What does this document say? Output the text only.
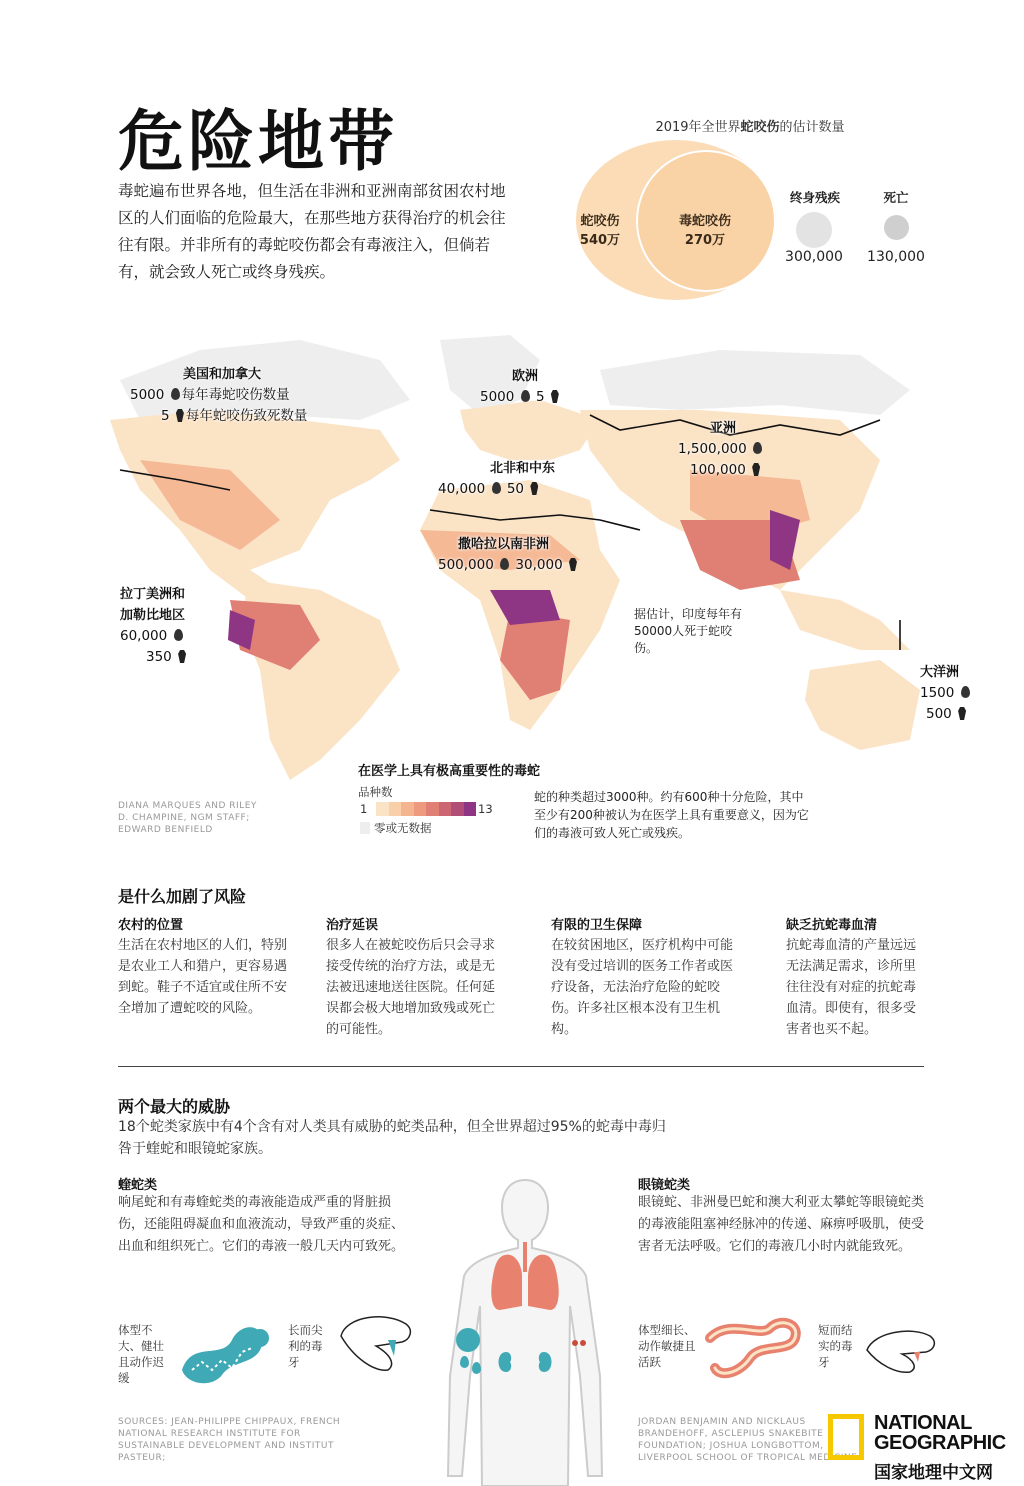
危险地带
毒蛇遍布世界各地，但生活在非洲和亚洲南部贫困农村地区的人们面临的危险最大，在那些地方获得治疗的机会往往有限。并非所有的毒蛇咬伤都会有毒液注入，但倘若有，就会致人死亡或终身残疾。
2019年全世界蛇咬伤的估计数量
蛇咬伤
540万
毒蛇咬伤
270万
终身残疾
300,000
死亡
130,000
美国和加拿大
5000 每年毒蛇咬伤数量
5 每年蛇咬伤致死数量
欧洲
5000 5
亚洲
1,500,000
100,000
北非和中东
40,000 50
撒哈拉以南非洲
500,000 30,000
拉丁美洲和
加勒比地区
60,000
350
大洋洲
1500
500
据估计，印度每年有50000人死于蛇咬伤。
DIANA MARQUES AND RILEY D. CHAMPINE, NGM STAFF; EDWARD BENFIELD
在医学上具有极高重要性的毒蛇
品种数
1	13
零或无数据
蛇的种类超过3000种。约有600种十分危险，其中至少有200种被认为在医学上具有重要意义，因为它们的毒液可致人死亡或残疾。
是什么加剧了风险
农村的位置
生活在农村地区的人们，特别是农业工人和猎户，更容易遇到蛇。鞋子不适宜或住所不安全增加了遭蛇咬的风险。
治疗延误
很多人在被蛇咬伤后只会寻求接受传统的治疗方法，或是无法被迅速地送往医院。任何延误都会极大地增加致残或死亡的可能性。
有限的卫生保障
在较贫困地区，医疗机构中可能没有受过培训的医务工作者或医疗设备，无法治疗危险的蛇咬伤。许多社区根本没有卫生机构。
缺乏抗蛇毒血清
抗蛇毒血清的产量远远无法满足需求，诊所里往往没有对症的抗蛇毒血清。即使有，很多受害者也买不起。
两个最大的威胁
18个蛇类家族中有4个含有对人类具有威胁的蛇类品种，但全世界超过95%的蛇毒中毒归咎于蝰蛇和眼镜蛇家族。
蝰蛇类
响尾蛇和有毒蝰蛇类的毒液能造成严重的肾脏损伤，还能阻碍凝血和血液流动，导致严重的炎症、出血和组织死亡。它们的毒液一般几天内可致死。
眼镜蛇类
眼镜蛇、非洲曼巴蛇和澳大利亚太攀蛇等眼镜蛇类的毒液能阻塞神经脉冲的传递、麻痹呼吸肌，使受害者无法呼吸。它们的毒液几小时内就能致死。
体型不大、健壮且动作迟缓
长而尖利的毒牙
体型细长、动作敏捷且活跃
短而结实的毒牙
SOURCES: JEAN-PHILIPPE CHIPPAUX, FRENCH NATIONAL RESEARCH INSTITUTE FOR SUSTAINABLE DEVELOPMENT AND INSTITUT PASTEUR;
JORDAN BENJAMIN AND NICKLAUS BRANDEHOFF, ASCLEPIUS SNAKEBITE FOUNDATION; JOSHUA LONGBOTTOM, LIVERPOOL SCHOOL OF TROPICAL MEDICINE
NATIONAL
GEOGRAPHIC
国家地理中文网
